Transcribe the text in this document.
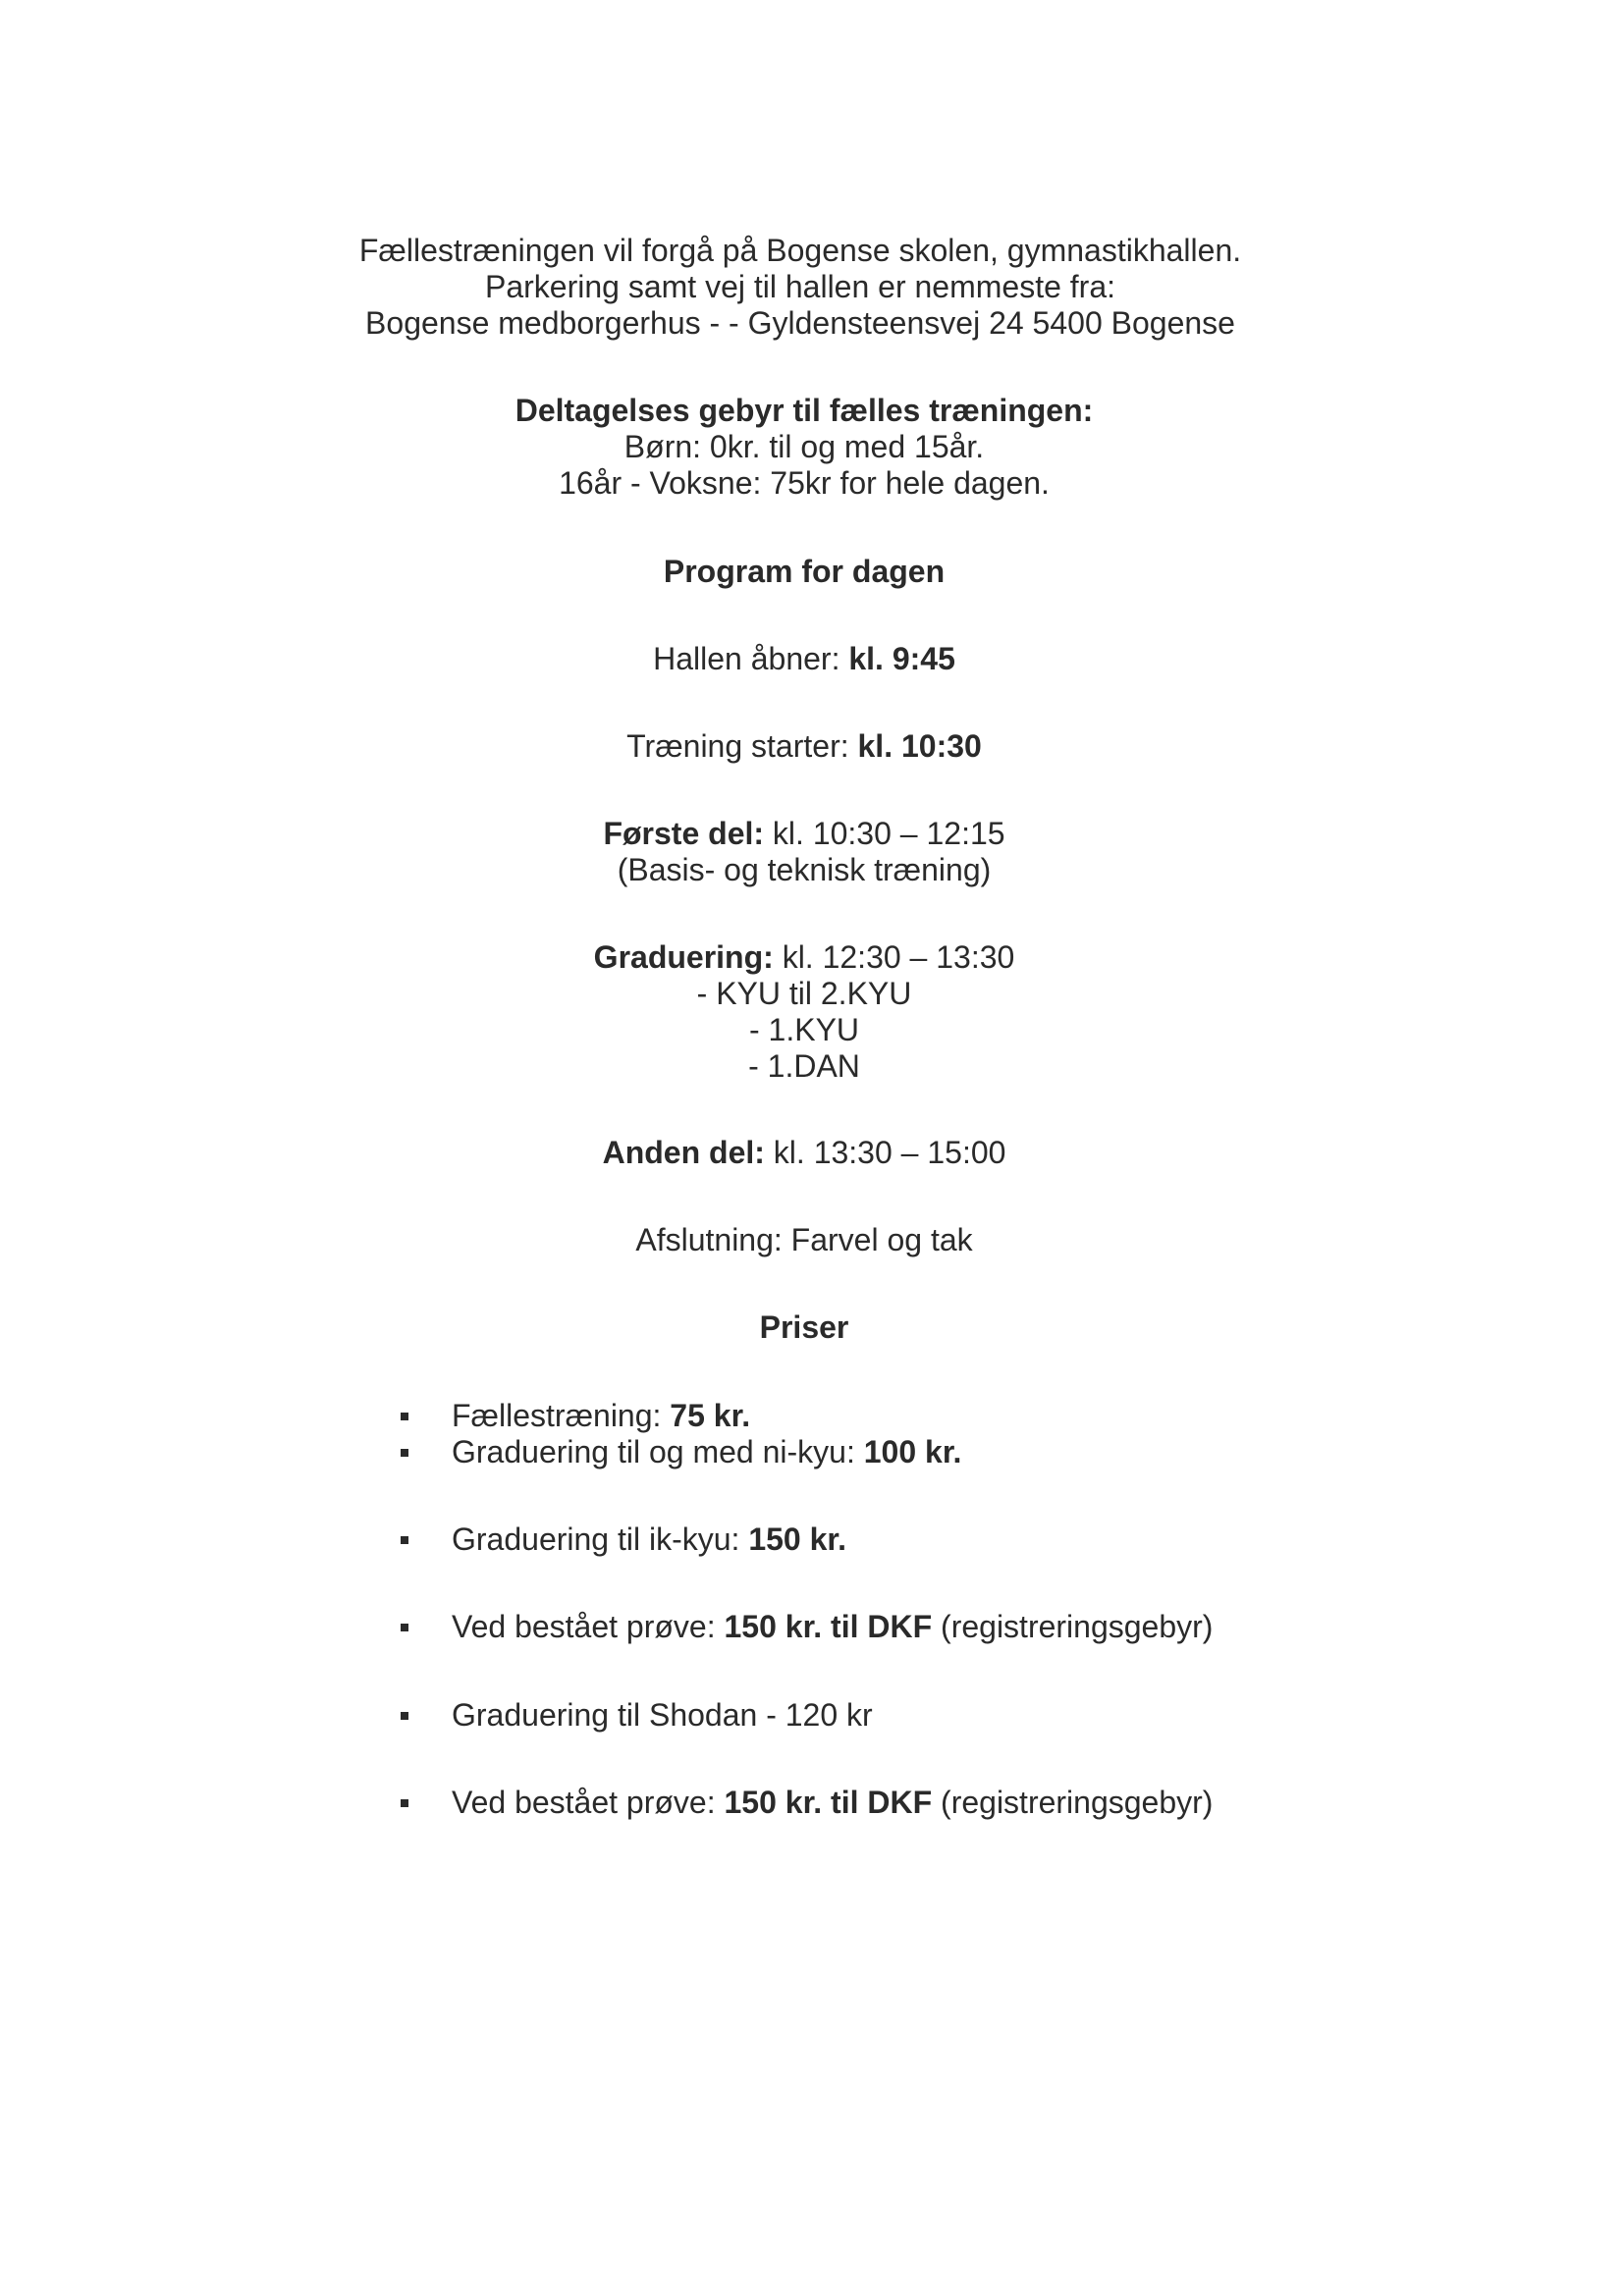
Fællestræningen vil forgå på Bogense skolen, gymnastikhallen.
Parkering samt vej til hallen er nemmeste fra:
Bogense medborgerhus - - Gyldensteensvej 24 5400 Bogense
Deltagelses gebyr til fælles træningen:
Børn: 0kr. til og med 15år.
16år - Voksne: 75kr for hele dagen.
Program for dagen
Hallen åbner: kl. 9:45
Træning starter: kl. 10:30
Første del: kl. 10:30 – 12:15
(Basis- og teknisk træning)
Graduering: kl. 12:30 – 13:30
- KYU til 2.KYU
- 1.KYU
- 1.DAN
Anden del: kl. 13:30 – 15:00
Afslutning: Farvel og tak
Priser
Fællestræning: 75 kr.
Graduering til og med ni-kyu: 100 kr.
Graduering til ik-kyu: 150 kr.
Ved bestået prøve: 150 kr. til DKF (registreringsgebyr)
Graduering til Shodan - 120 kr
Ved bestået prøve: 150 kr. til DKF (registreringsgebyr)
